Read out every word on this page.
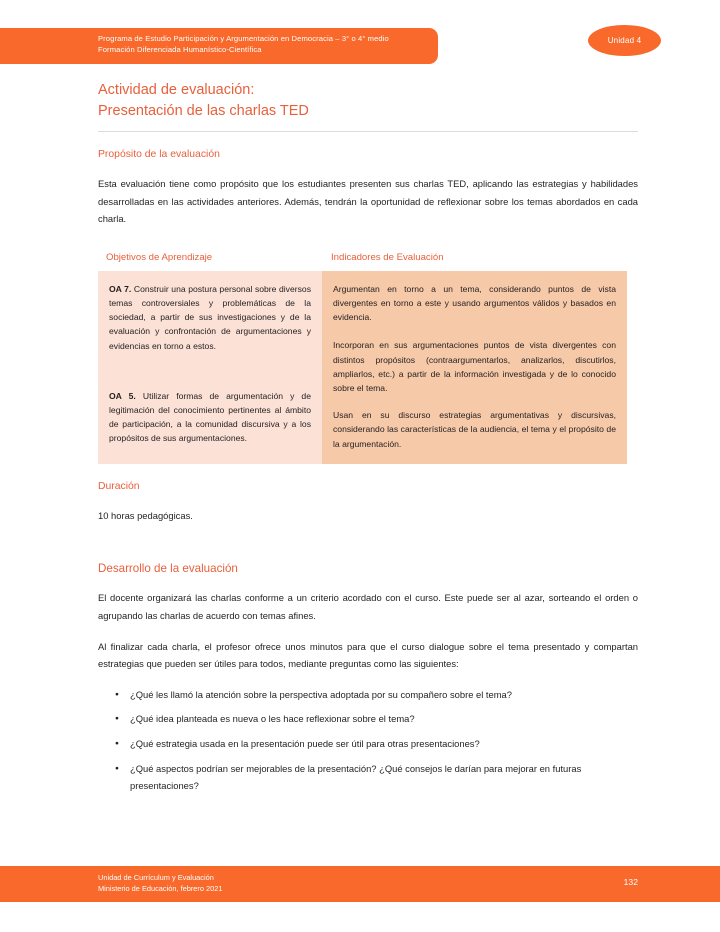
Programa de Estudio Participación y Argumentación en Democracia – 3° o 4° medio
Formación Diferenciada Humanístico-Científica
Unidad 4
Actividad de evaluación:
Presentación de las charlas TED
Propósito de la evaluación

Esta evaluación tiene como propósito que los estudiantes presenten sus charlas TED, aplicando las estrategias y habilidades desarrolladas en las actividades anteriores. Además, tendrán la oportunidad de reflexionar sobre los temas abordados en cada charla.

Objetivos de Aprendizaje	Indicadores de Evaluación
OA 7. Construir una postura personal sobre diversos temas controversiales y problemáticas de la sociedad, a partir de sus investigaciones y de la evaluación y confrontación de argumentaciones y evidencias en torno a estos.
OA 5. Utilizar formas de argumentación y de legitimación del conocimiento pertinentes al ámbito de participación, a la comunidad discursiva y a los propósitos de sus argumentaciones.
Argumentan en torno a un tema, considerando puntos de vista divergentes en torno a este y usando argumentos válidos y basados en evidencia.
Incorporan en sus argumentaciones puntos de vista divergentes con distintos propósitos (contraargumentarlos, analizarlos, discutirlos, ampliarlos, etc.) a partir de la información investigada y de lo conocido sobre el tema.
Usan en su discurso estrategias argumentativas y discursivas, considerando las características de la audiencia, el tema y el propósito de la argumentación.
Duración

10 horas pedagógicas.

Desarrollo de la evaluación

El docente organizará las charlas conforme a un criterio acordado con el curso. Este puede ser al azar, sorteando el orden o agrupando las charlas de acuerdo con temas afines.

Al finalizar cada charla, el profesor ofrece unos minutos para que el curso dialogue sobre el tema presentado y compartan estrategias que pueden ser útiles para todos, mediante preguntas como las siguientes:

● ¿Qué les llamó la atención sobre la perspectiva adoptada por su compañero sobre el tema?
● ¿Qué idea planteada es nueva o les hace reflexionar sobre el tema?
● ¿Qué estrategia usada en la presentación puede ser útil para otras presentaciones?
● ¿Qué aspectos podrían ser mejorables de la presentación? ¿Qué consejos le darían para mejorar en futuras presentaciones?
Unidad de Currículum y Evaluación
Ministerio de Educación, febrero 2021
132
